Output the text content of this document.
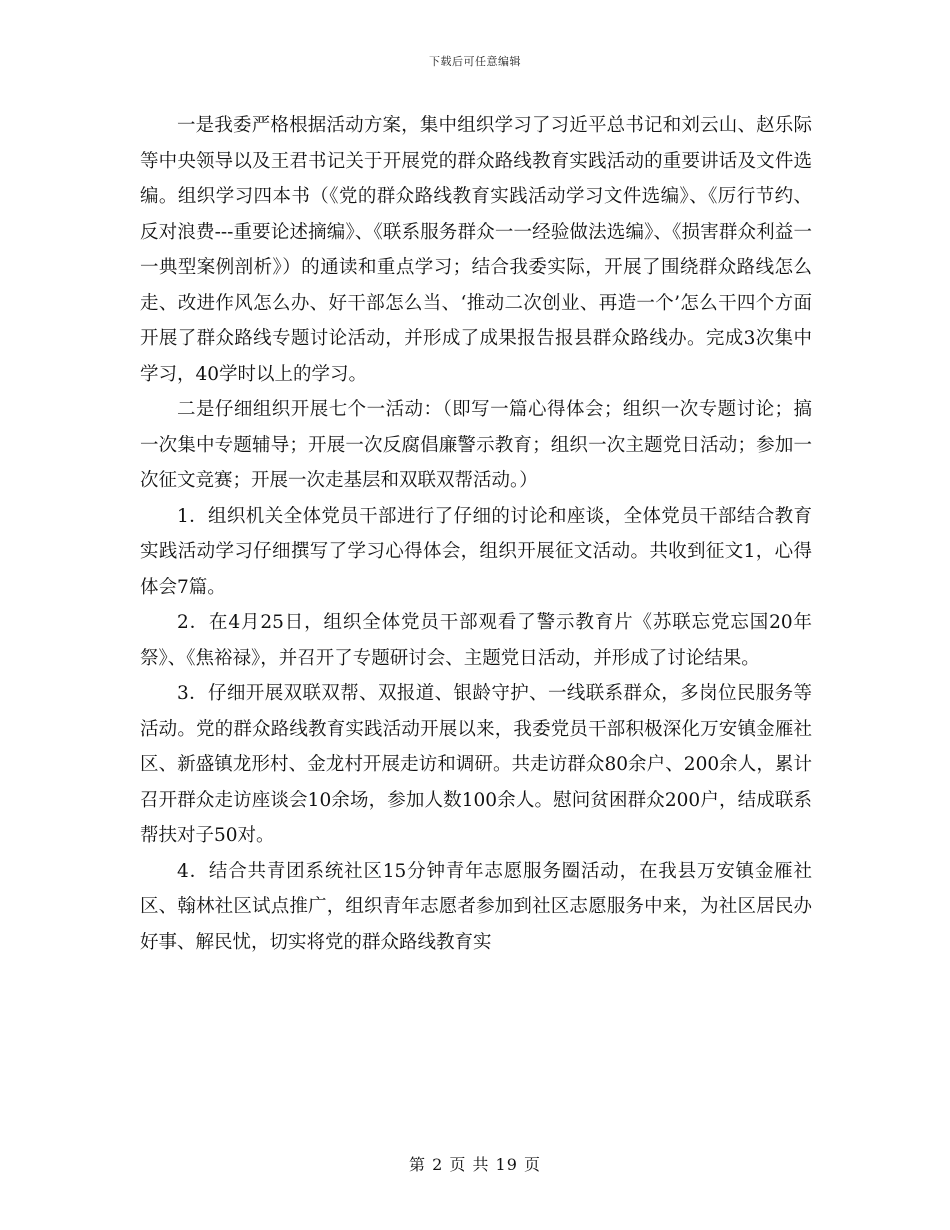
下载后可任意编辑

一是我委严格根据活动方案，集中组织学习了习近平总书记和刘云山、赵乐际等中央领导以及王君书记关于开展党的群众路线教育实践活动的重要讲话及文件选编。组织学习四本书（《党的群众路线教育实践活动学习文件选编》、《厉行节约、反对浪费---重要论述摘编》、《联系服务群众一一经验做法选编》、《损害群众利益一一典型案例剖析》）的通读和重点学习；结合我委实际，开展了围绕群众路线怎么走、改进作风怎么办、好干部怎么当、‘推动二次创业、再造一个’怎么干四个方面开展了群众路线专题讨论活动，并形成了成果报告报县群众路线办。完成3次集中学习，40学时以上的学习。

二是仔细组织开展七个一活动：（即写一篇心得体会；组织一次专题讨论；搞一次集中专题辅导；开展一次反腐倡廉警示教育；组织一次主题党日活动；参加一次征文竞赛；开展一次走基层和双联双帮活动。）

1．组织机关全体党员干部进行了仔细的讨论和座谈，全体党员干部结合教育实践活动学习仔细撰写了学习心得体会，组织开展征文活动。共收到征文1，心得体会7篇。

2．在4月25日，组织全体党员干部观看了警示教育片《苏联忘党忘国20年祭》、《焦裕禄》，并召开了专题研讨会、主题党日活动，并形成了讨论结果。

3．仔细开展双联双帮、双报道、银龄守护、一线联系群众，多岗位民服务等活动。党的群众路线教育实践活动开展以来，我委党员干部积极深化万安镇金雁社区、新盛镇龙形村、金龙村开展走访和调研。共走访群众80余户、200余人，累计召开群众走访座谈会10余场，参加人数100余人。慰问贫困群众200户，结成联系帮扶对子50对。

4．结合共青团系统社区15分钟青年志愿服务圈活动，在我县万安镇金雁社区、翰林社区试点推广，组织青年志愿者参加到社区志愿服务中来，为社区居民办好事、解民忧，切实将党的群众路线教育实

第 2 页 共 19 页
